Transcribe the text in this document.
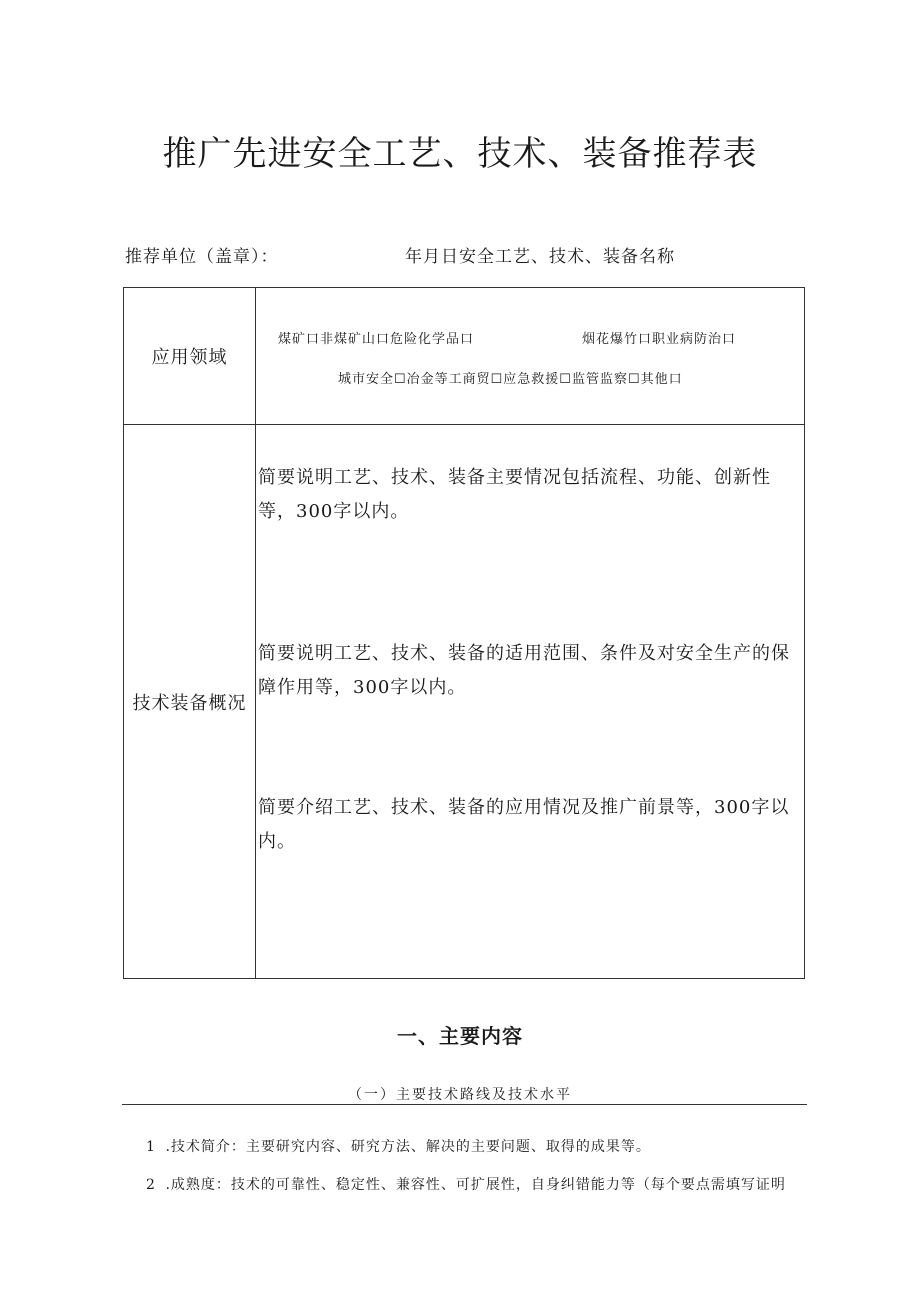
推广先进安全工艺、技术、装备推荐表
推荐单位（盖章）：	年月日安全工艺、技术、装备名称
应用领域	煤矿口非煤矿山口危险化学品口 烟花爆竹口职业病防治口
城市安全☐冶金等工商贸☐应急救援☐监管监察☐其他口

技术装备概况	简要说明工艺、技术、装备主要情况包括流程、功能、创新性等，300字以内。

简要说明工艺、技术、装备的适用范围、条件及对安全生产的保障作用等，300字以内。

简要介绍工艺、技术、装备的应用情况及推广前景等，300字以内。

一、主要内容
（一）主要技术路线及技术水平
1 .技术简介：主要研究内容、研究方法、解决的主要问题、取得的成果等。
2 .成熟度：技术的可靠性、稳定性、兼容性、可扩展性，自身纠错能力等（每个要点需填写证明
